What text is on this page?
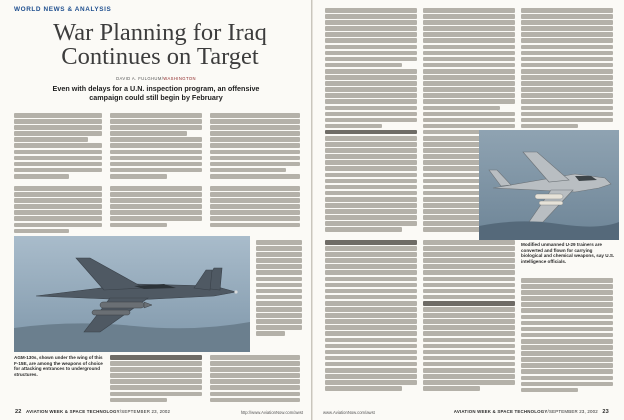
WORLD NEWS & ANALYSIS
War Planning for Iraq Continues on Target
DAVID A. FULGHUM/WASHINGTON
Even with delays for a U.N. inspection program, an offensive campaign could still begin by February
AGM-130s, shown under the wing of this F-15E, are among the weapons of choice for attacking entrances to underground structures.
22 AVIATION WEEK & SPACE TECHNOLOGY/SEPTEMBER 23, 2002	http://www.AviationNow.com/awst
Modified unmanned U-29 trainers are converted and flown for carrying biological and chemical weapons, say U.S. intelligence officials.
www.AviationNow.com/awst	AVIATION WEEK & SPACE TECHNOLOGY/SEPTEMBER 23, 2002 23
